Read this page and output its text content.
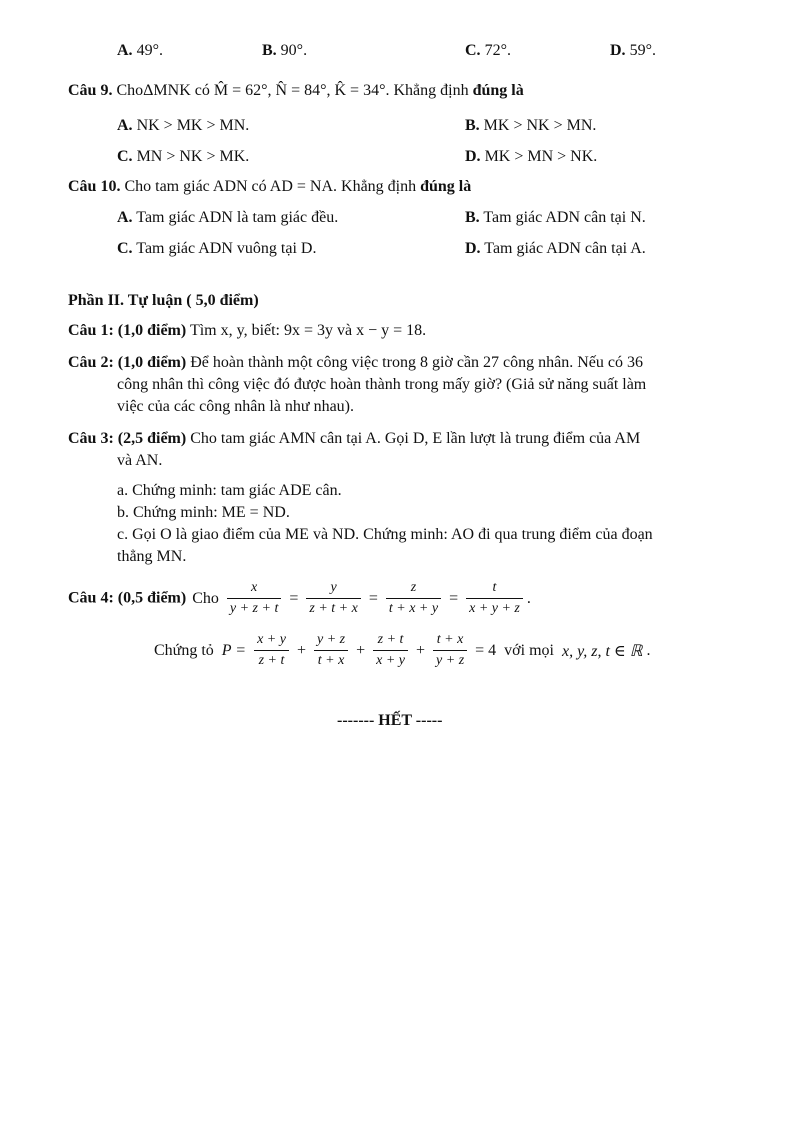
A. 49°.	B. 90°.	C. 72°.	D. 59°.
Câu 9. ChoΔMNK có M̂ = 62°, N̂ = 84°, K̂ = 34°. Khẳng định đúng là
A. NK > MK > MN.	B. MK > NK > MN.
C. MN > NK > MK.	D. MK > MN > NK.
Câu 10. Cho tam giác ADN có AD = NA. Khẳng định đúng là
A. Tam giác ADN là tam giác đều.	B. Tam giác ADN cân tại N.
C. Tam giác ADN vuông tại D.	D. Tam giác ADN cân tại A.
Phần II. Tự luận ( 5,0 điểm)
Câu 1: (1,0 điểm) Tìm x, y, biết: 9x = 3y và x − y = 18.
Câu 2: (1,0 điểm) Để hoàn thành một công việc trong 8 giờ cần 27 công nhân. Nếu có 36
công nhân thì công việc đó được hoàn thành trong mấy giờ? (Giả sử năng suất làm
việc của các công nhân là như nhau).
Câu 3: (2,5 điểm) Cho tam giác AMN cân tại A. Gọi D, E lần lượt là trung điểm của AM
và AN.
a. Chứng minh: tam giác ADE cân.
b. Chứng minh: ME = ND.
c. Gọi O là giao điểm của ME và ND. Chứng minh: AO đi qua trung điểm của đoạn
thẳng MN.
Câu 4: (0,5 điểm) Cho $\frac{x}{y + z + t} = \frac{y}{z + t + x} = \frac{z}{t + x + y} = \frac{t}{x + y + z}$ .
Chứng tỏ $P = \frac{x + y}{z + t} + \frac{y + z}{t + x} + \frac{z + t}{x + y} + \frac{t + x}{y + z} = 4$ với mọi x, y, z, t ∈ ℝ .
------- HẾT -----
